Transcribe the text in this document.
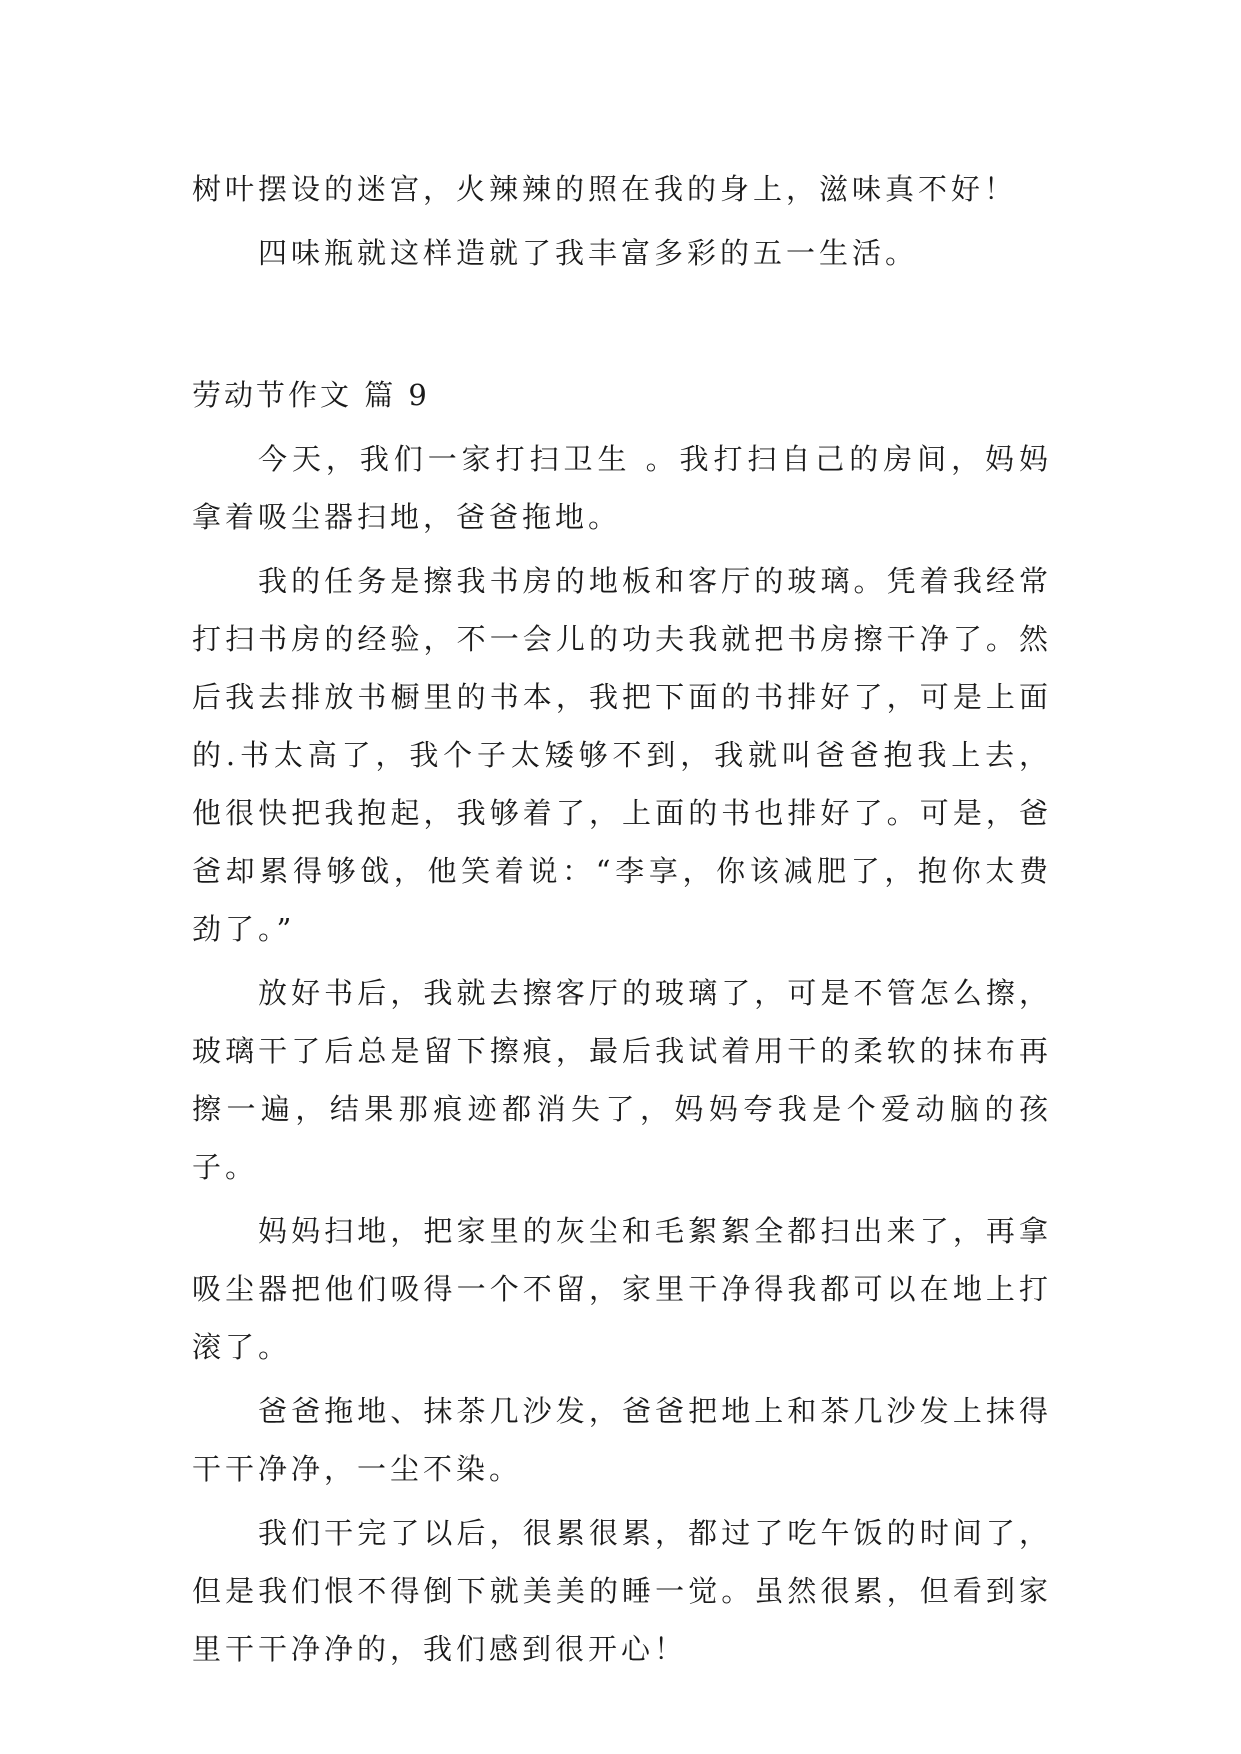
树叶摆设的迷宫，火辣辣的照在我的身上，滋味真不好！

四味瓶就这样造就了我丰富多彩的五一生活。

劳动节作文 篇 9

今天，我们一家打扫卫生 。我打扫自己的房间，妈妈拿着吸尘器扫地，爸爸拖地。

我的任务是擦我书房的地板和客厅的玻璃。凭着我经常打扫书房的经验，不一会儿的功夫我就把书房擦干净了。然后我去排放书橱里的书本，我把下面的书排好了，可是上面的.书太高了，我个子太矮够不到，我就叫爸爸抱我上去，他很快把我抱起，我够着了，上面的书也排好了。可是，爸爸却累得够戗，他笑着说：“李享，你该减肥了，抱你太费劲了。”

放好书后，我就去擦客厅的玻璃了，可是不管怎么擦，玻璃干了后总是留下擦痕，最后我试着用干的柔软的抹布再擦一遍，结果那痕迹都消失了，妈妈夸我是个爱动脑的孩子。

妈妈扫地，把家里的灰尘和毛絮絮全都扫出来了，再拿吸尘器把他们吸得一个不留，家里干净得我都可以在地上打滚了。

爸爸拖地、抹茶几沙发，爸爸把地上和茶几沙发上抹得干干净净，一尘不染。

我们干完了以后，很累很累，都过了吃午饭的时间了，但是我们恨不得倒下就美美的睡一觉。虽然很累，但看到家里干干净净的，我们感到很开心！
